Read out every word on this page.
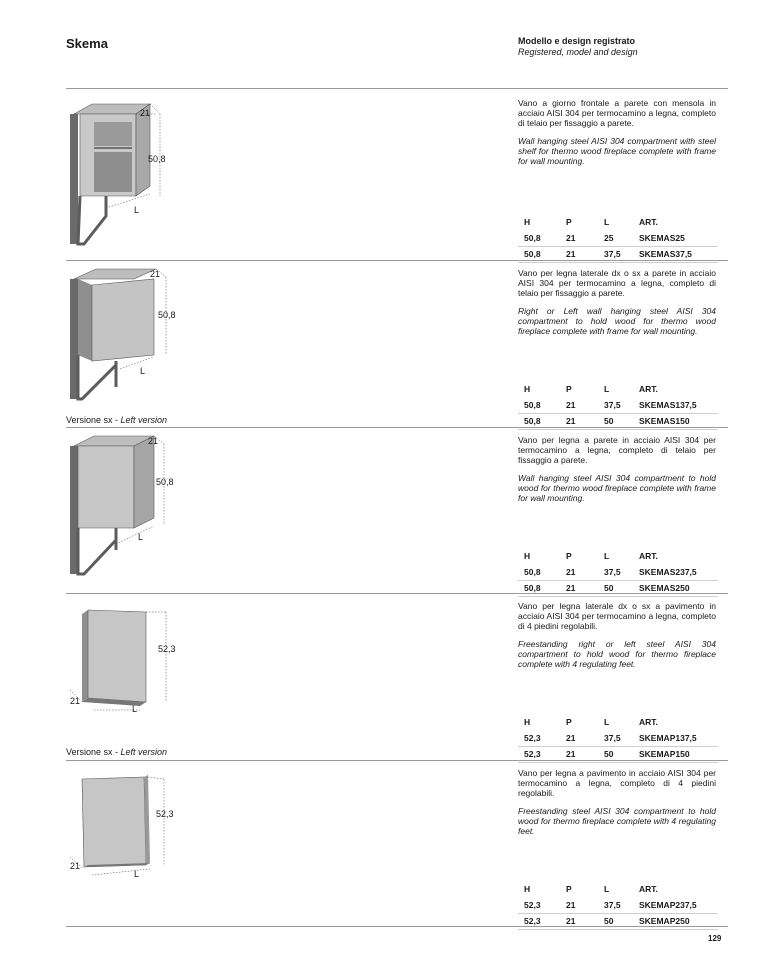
Skema	Modello e design registrato
Registered, model and design
21
50,8
L

Vano a giorno frontale a parete con mensola in acciaio AISI 304 per termocamino a legna, completo di telaio per fissaggio a parete.

Wall hanging steel AISI 304 compartment with steel shelf for thermo wood fireplace complete with frame for wall mounting.

H	P	L	ART.
50,8	21	25	SKEMAS25
50,8	21	37,5	SKEMAS37,5
21
50,8
L

Vano per legna laterale dx o sx a parete in acciaio AISI 304 per termocamino a legna, completo di telaio per fissaggio a parete.

Right or Left wall hanging steel AISI 304 compartment to hold wood for thermo wood fireplace complete with frame for wall mounting.

H	P	L	ART.
50,8	21	37,5	SKEMAS137,5
50,8	21	50	SKEMAS150
Versione sx - Left version
21
50,8
L

Vano per legna a parete in acciaio AISI 304 per termocamino a legna, completo di telaio per fissaggio a parete.

Wall hanging steel AISI 304 compartment to hold wood for thermo wood fireplace complete with frame for wall mounting.

H	P	L	ART.
50,8	21	37,5	SKEMAS237,5
50,8	21	50	SKEMAS250
52,3
21
L

Vano per legna laterale dx o sx a pavimento in acciaio AISI 304 per termocamino a legna, completo di 4 piedini regolabili.

Freestanding right or left steel AISI 304 compartment to hold wood for thermo fireplace complete with 4 regulating feet.

H	P	L	ART.
52,3	21	37,5	SKEMAP137,5
52,3	21	50	SKEMAP150
Versione sx - Left version
52,3
21
L

Vano per legna a pavimento in acciaio AISI 304 per termocamino a legna, completo di 4 piedini regolabili.

Freestanding steel AISI 304 compartment to hold wood for thermo fireplace complete with 4 regulating feet.

H	P	L	ART.
52,3	21	37,5	SKEMAP237,5
52,3	21	50	SKEMAP250
129
